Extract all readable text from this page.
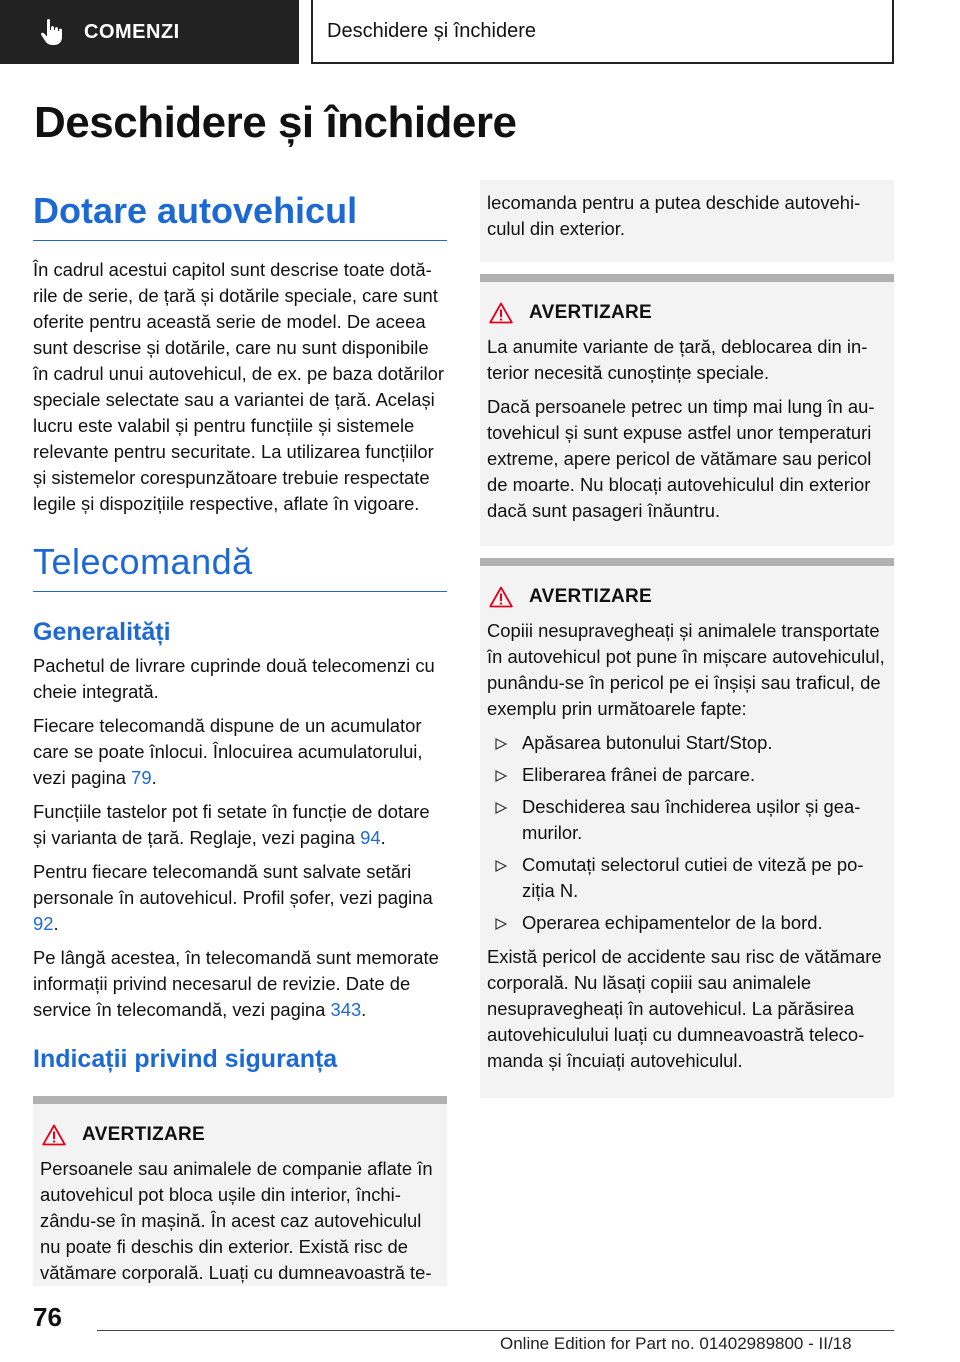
COMENZI	Deschidere și închidere
Deschidere și închidere
Dotare autovehicul

În cadrul acestui capitol sunt descrise toate dotările de serie, de țară și dotările speciale, care sunt oferite pentru această serie de model. De aceea sunt descrise și dotările, care nu sunt disponibile în cadrul unui autovehicul, de ex. pe baza dotărilor speciale selectate sau a variantei de țară. Același lucru este valabil și pentru funcțiile și sistemele relevante pentru securitate. La utilizarea funcțiilor și sistemelor corespunzătoare trebuie respectate legile și dispozițiile respective, aflate în vigoare.

Telecomandă
Generalități

Pachetul de livrare cuprinde două telecomenzi cu cheie integrată.

Fiecare telecomandă dispune de un acumulator care se poate înlocui. Înlocuirea acumulatorului, vezi pagina 79.

Funcțiile tastelor pot fi setate în funcție de dotare și varianta de țară. Reglaje, vezi pagina 94.

Pentru fiecare telecomandă sunt salvate setări personale în autovehicul. Profil șofer, vezi pagina 92.

Pe lângă acestea, în telecomandă sunt memorate informații privind necesarul de revizie. Date de service în telecomandă, vezi pagina 343.

Indicații privind siguranța
AVERTIZARE

Persoanele sau animalele de companie aflate în autovehicul pot bloca ușile din interior, închizându-se în mașină. În acest caz autovehiculul nu poate fi deschis din exterior. Există risc de vătămare corporală. Luați cu dumneavoastră te-

lecomanda pentru a putea deschide autovehiculul din exterior.

AVERTIZARE

La anumite variante de țară, deblocarea din interior necesită cunoștințe speciale.

Dacă persoanele petrec un timp mai lung în autovehicul și sunt expuse astfel unor temperaturi extreme, apere pericol de vătămare sau pericol de moarte. Nu blocați autovehiculul din exterior dacă sunt pasageri înăuntru.

AVERTIZARE

Copiii nesupravegheați și animalele transportate în autovehicul pot pune în mișcare autovehiculul, punându-se în pericol pe ei înșiși sau traficul, de exemplu prin următoarele fapte:

Apăsarea butonului Start/Stop.
Eliberarea frânei de parcare.
Deschiderea sau închiderea ușilor și geamurilor.
Comutați selectorul cutiei de viteză pe poziția N.
Operarea echipamentelor de la bord.

Există pericol de accidente sau risc de vătămare corporală. Nu lăsați copiii sau animalele nesupravegheați în autovehicul. La părăsirea autovehiculului luați cu dumneavoastră telecomanda și încuiați autovehiculul.

76
Online Edition for Part no. 01402989800 - II/18
